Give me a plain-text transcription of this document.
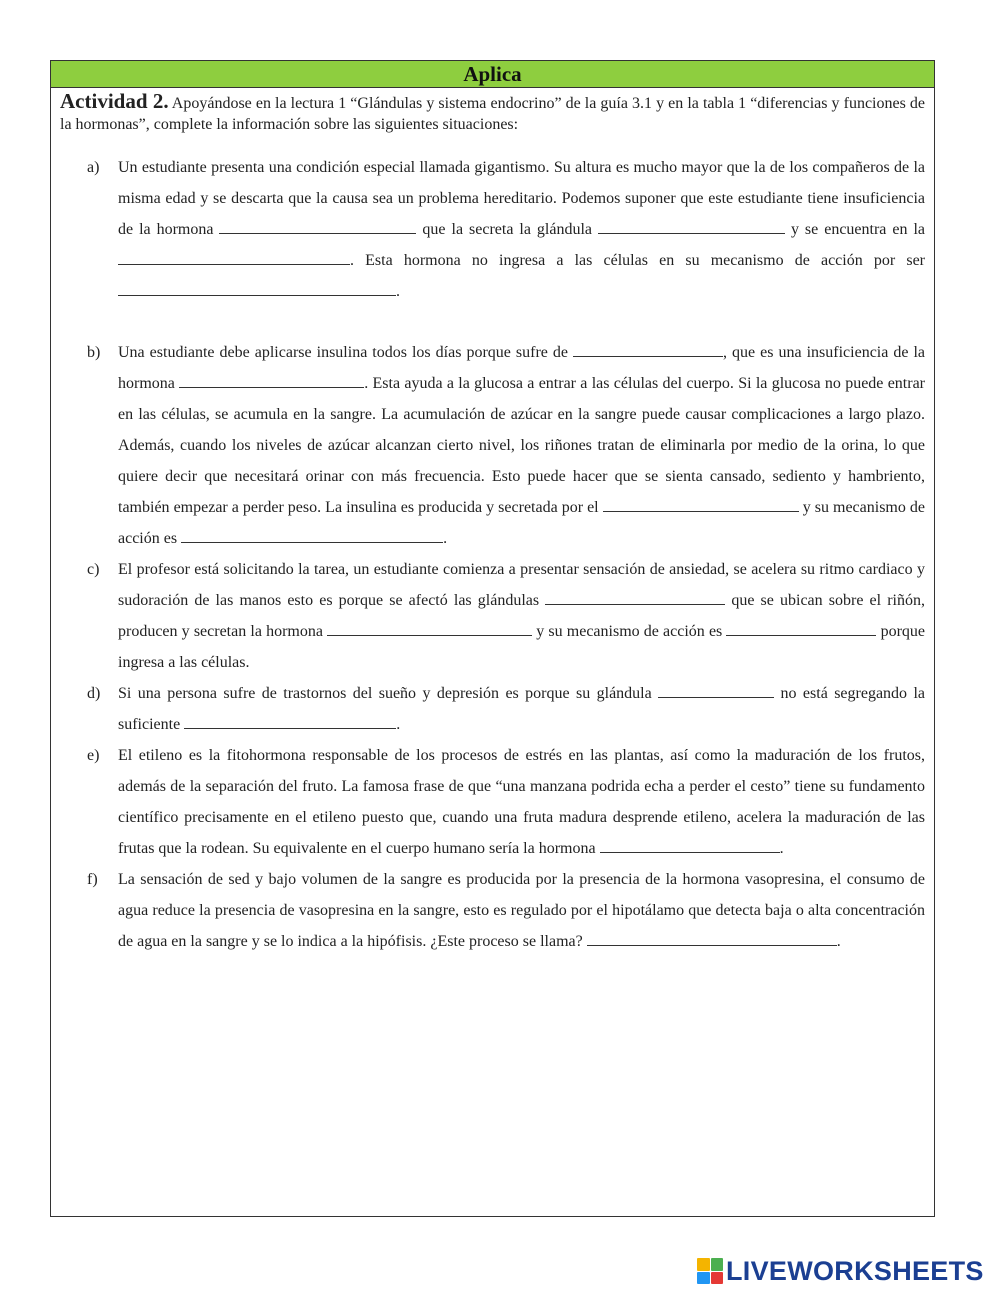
Aplica
Actividad 2. Apoyándose en la lectura 1 “Glándulas y sistema endocrino” de la guía 3.1 y en la tabla 1 “diferencias y funciones de la hormonas”, complete la información sobre las siguientes situaciones:
a) Un estudiante presenta una condición especial llamada gigantismo. Su altura es mucho mayor que la de los compañeros de la misma edad y se descarta que la causa sea un problema hereditario. Podemos suponer que este estudiante tiene insuficiencia de la hormona	que la secreta la glándula	y se encuentra en la . Esta hormona no ingresa a las células en su mecanismo de acción por ser .
b) Una estudiante debe aplicarse insulina todos los días porque sufre de	, que es una insuficiencia de la hormona	. Esta ayuda a la glucosa a entrar a las células del cuerpo. Si la glucosa no puede entrar en las células, se acumula en la sangre. La acumulación de azúcar en la sangre puede causar complicaciones a largo plazo. Además, cuando los niveles de azúcar alcanzan cierto nivel, los riñones tratan de eliminarla por medio de la orina, lo que quiere decir que necesitará orinar con más frecuencia. Esto puede hacer que se sienta cansado, sediento y hambriento, también empezar a perder peso. La insulina es producida y secretada por el	y su mecanismo de acción es	.
c) El profesor está solicitando la tarea, un estudiante comienza a presentar sensación de ansiedad, se acelera su ritmo cardiaco y sudoración de las manos esto es porque se afectó las glándulas	que se ubican sobre el riñón, producen y secretan la hormona	y su mecanismo de acción es	porque ingresa a las células.
d) Si una persona sufre de trastornos del sueño y depresión es porque su glándula	no está segregando la suficiente	.
e) El etileno es la fitohormona responsable de los procesos de estrés en las plantas, así como la maduración de los frutos, además de la separación del fruto. La famosa frase de que “una manzana podrida echa a perder el cesto” tiene su fundamento científico precisamente en el etileno puesto que, cuando una fruta madura desprende etileno, acelera la maduración de las frutas que la rodean. Su equivalente en el cuerpo humano sería la hormona	.
f) La sensación de sed y bajo volumen de la sangre es producida por la presencia de la hormona vasopresina, el consumo de agua reduce la presencia de vasopresina en la sangre, esto es regulado por el hipotálamo que detecta baja o alta concentración de agua en la sangre y se lo indica a la hipófisis. ¿Este proceso se llama?	.
LIVEWORKSHEETS
